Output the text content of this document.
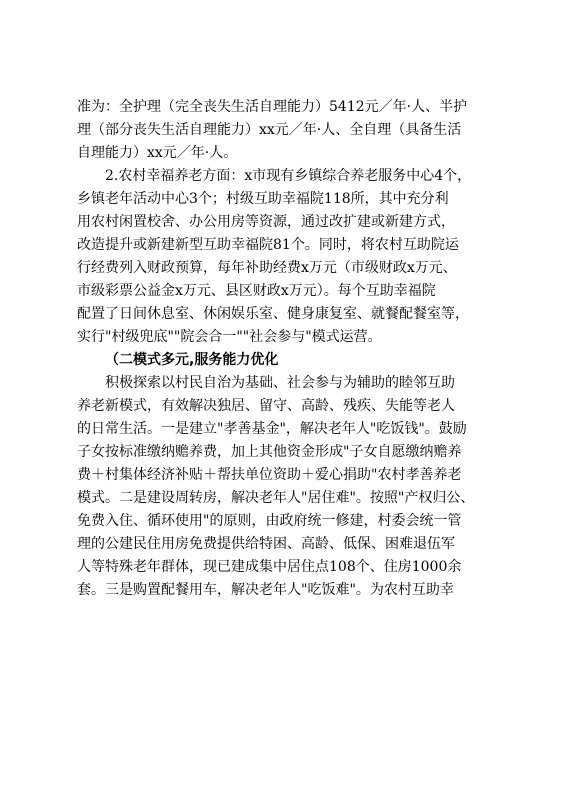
准为：全护理（完全丧失生活自理能力）5412元／年·人、半护
理（部分丧失生活自理能力）xx元／年·人、全自理（具备生活
自理能力）xx元／年·人。
2.农村幸福养老方面：x市现有乡镇综合养老服务中心4个，
乡镇老年活动中心3个；村级互助幸福院118所，其中充分利
用农村闲置校舍、办公用房等资源，通过改扩建或新建方式，
改造提升或新建新型互助幸福院81个。同时，将农村互助院运
行经费列入财政预算，每年补助经费x万元（市级财政x万元、
市级彩票公益金x万元、县区财政x万元）。每个互助幸福院
配置了日间休息室、休闲娱乐室、健身康复室、就餐配餐室等，
实行"村级兜底""院会合一""社会参与"模式运营。
（二模式多元,服务能力优化
积极探索以村民自治为基础、社会参与为辅助的睦邻互助
养老新模式，有效解决独居、留守、高龄、残疾、失能等老人
的日常生活。一是建立"孝善基金"，解决老年人"吃饭钱"。鼓励
子女按标准缴纳赡养费，加上其他资金形成"子女自愿缴纳赡养
费＋村集体经济补贴＋帮扶单位资助＋爱心捐助"农村孝善养老
模式。二是建设周转房，解决老年人"居住难"。按照"产权归公、
免费入住、循环使用"的原则，由政府统一修建，村委会统一管
理的公建民住用房免费提供给特困、高龄、低保、困难退伍军
人等特殊老年群体，现已建成集中居住点108个、住房1000余
套。三是购置配餐用车，解决老年人"吃饭难"。为农村互助幸
